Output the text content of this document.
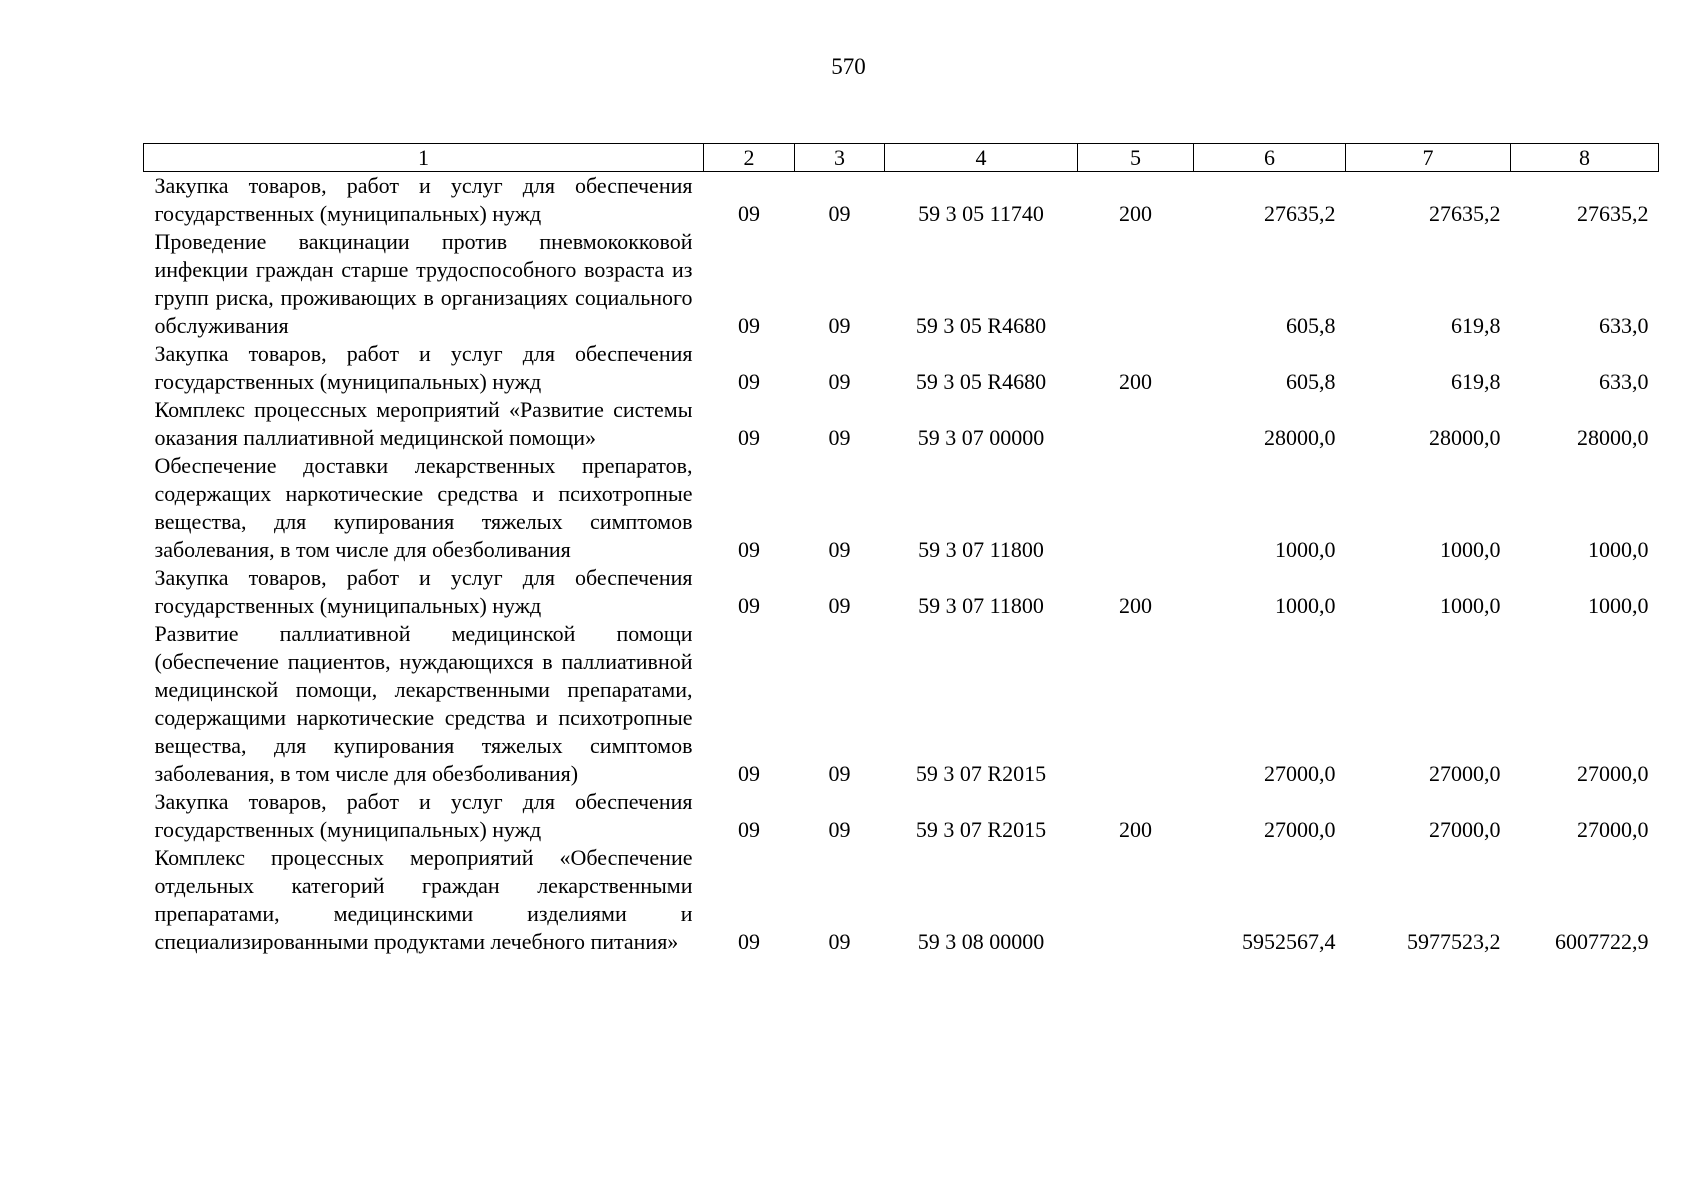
570
1	2	3	4	5	6	7	8
Закупка товаров, работ и услуг для обеспечения государственных (муниципальных) нужд	09	09	59 3 05 11740	200	27635,2	27635,2	27635,2
Проведение вакцинации против пневмококковой инфекции граждан старше трудоспособного возраста из групп риска, проживающих в организациях социального обслуживания	09	09	59 3 05 R4680		605,8	619,8	633,0
Закупка товаров, работ и услуг для обеспечения государственных (муниципальных) нужд	09	09	59 3 05 R4680	200	605,8	619,8	633,0
Комплекс процессных мероприятий «Развитие системы оказания паллиативной медицинской помощи»	09	09	59 3 07 00000		28000,0	28000,0	28000,0
Обеспечение доставки лекарственных препаратов, содержащих наркотические средства и психотропные вещества, для купирования тяжелых симптомов заболевания, в том числе для обезболивания	09	09	59 3 07 11800		1000,0	1000,0	1000,0
Закупка товаров, работ и услуг для обеспечения государственных (муниципальных) нужд	09	09	59 3 07 11800	200	1000,0	1000,0	1000,0
Развитие паллиативной медицинской помощи (обеспечение пациентов, нуждающихся в паллиативной медицинской помощи, лекарственными препаратами, содержащими наркотические средства и психотропные вещества, для купирования тяжелых симптомов заболевания, в том числе для обезболивания)	09	09	59 3 07 R2015		27000,0	27000,0	27000,0
Закупка товаров, работ и услуг для обеспечения государственных (муниципальных) нужд	09	09	59 3 07 R2015	200	27000,0	27000,0	27000,0
Комплекс процессных мероприятий «Обеспечение отдельных категорий граждан лекарственными препаратами, медицинскими изделиями и специализированными продуктами лечебного питания»	09	09	59 3 08 00000		5952567,4	5977523,2	6007722,9
